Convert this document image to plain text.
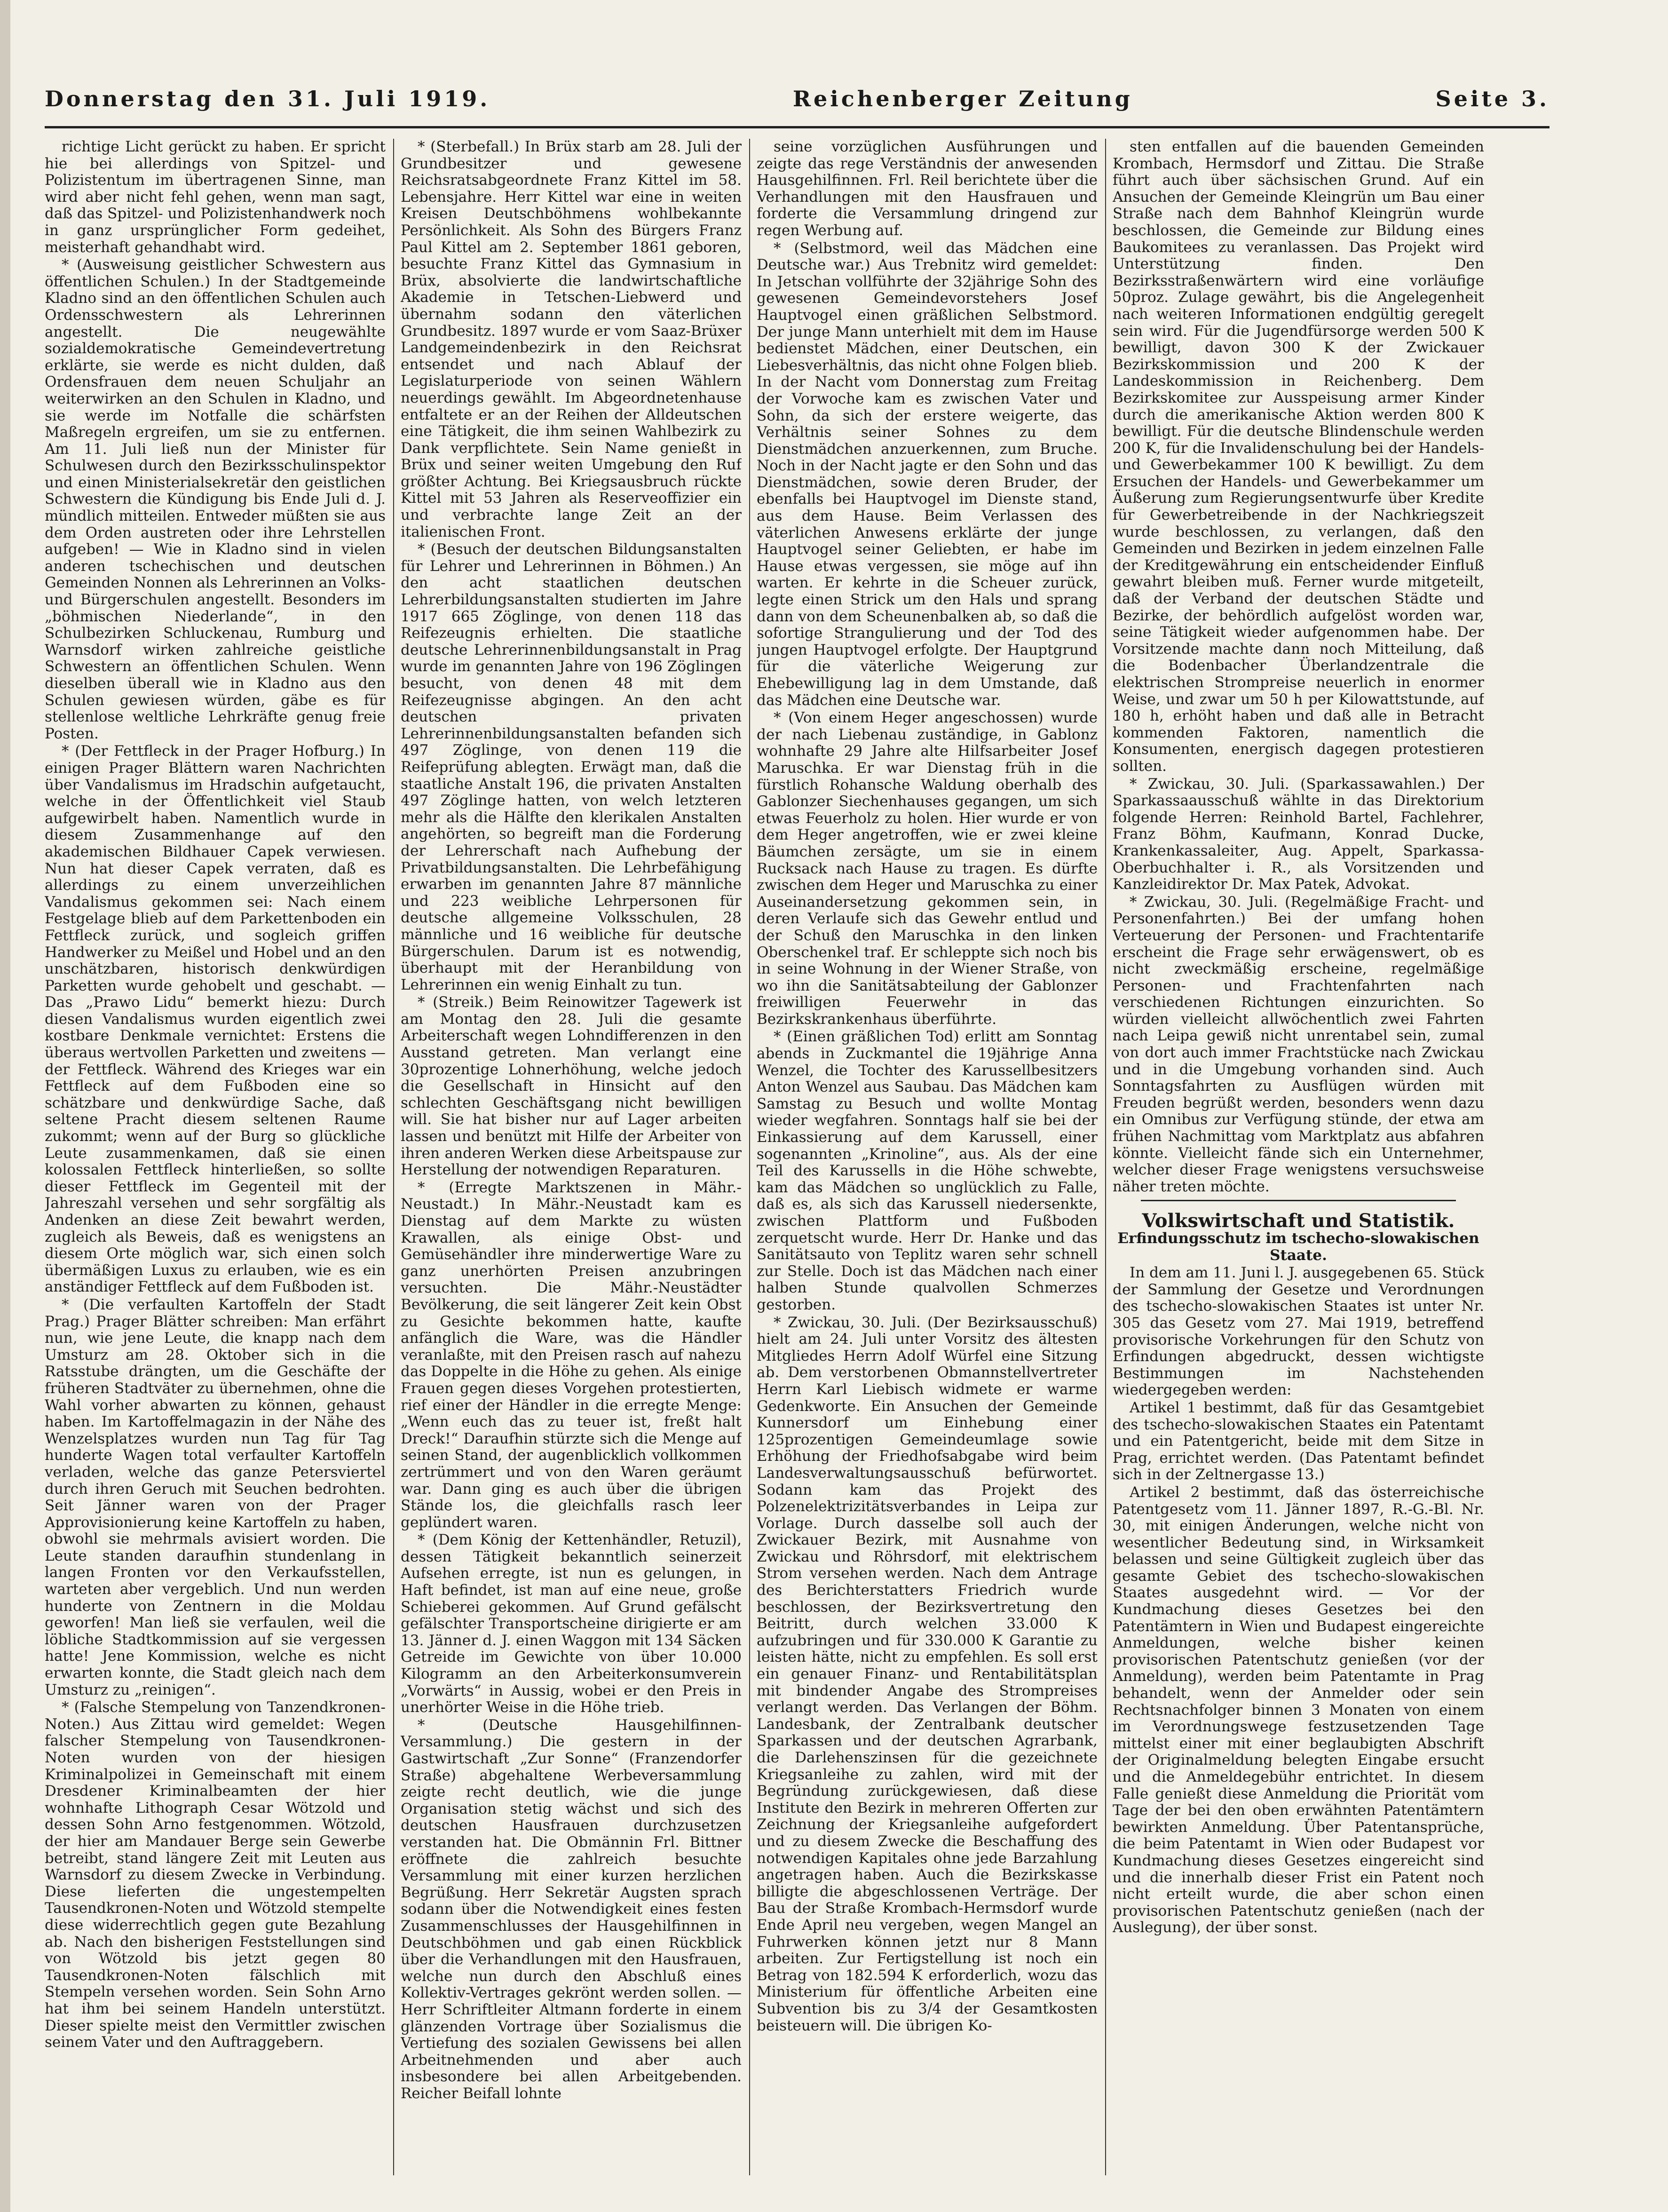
Donnerstag den 31. Juli 1919.	Reichenberger Zeitung	Seite 3.

richtige Licht gerückt zu haben. Er spricht hie bei allerdings von Spitzel- und Polizistentum im übertragenen Sinne, man wird aber nicht fehl gehen, wenn man sagt, daß das Spitzel- und Polizistenhandwerk noch in ganz ursprünglicher Form gedeihet, meisterhaft gehandhabt wird.

* (Ausweisung geistlicher Schwestern aus öffentlichen Schulen.) In der Stadtgemeinde Kladno sind an den öffentlichen Schulen auch Ordensschwestern als Lehrerinnen angestellt. Die neugewählte sozialdemokratische Gemeindevertretung erklärte, sie werde es nicht dulden, daß Ordensfrauen dem neuen Schuljahr an weiterwirken an den Schulen in Kladno, und sie werde im Notfalle die schärfsten Maßregeln ergreifen, um sie zu entfernen. Am 11. Juli ließ nun der Minister für Schulwesen durch den Bezirksschulinspektor und einen Ministerialsekretär den geistlichen Schwestern die Kündigung bis Ende Juli d. J. mündlich mitteilen. Entweder müßten sie aus dem Orden austreten oder ihre Lehrstellen aufgeben! — Wie in Kladno sind in vielen anderen tschechischen und deutschen Gemeinden Nonnen als Lehrerinnen an Volks- und Bürgerschulen angestellt. Besonders im „böhmischen Niederlande“, in den Schulbezirken Schluckenau, Rumburg und Warnsdorf wirken zahlreiche geistliche Schwestern an öffentlichen Schulen. Wenn dieselben überall wie in Kladno aus den Schulen gewiesen würden, gäbe es für stellenlose weltliche Lehrkräfte genug freie Posten.

* (Der Fettfleck in der Prager Hofburg.) In einigen Prager Blättern waren Nachrichten über Vandalismus im Hradschin aufgetaucht, welche in der Öffentlichkeit viel Staub aufgewirbelt haben. Namentlich wurde in diesem Zusammenhange auf den akademischen Bildhauer Capek verwiesen. Nun hat dieser Capek verraten, daß es allerdings zu einem unverzeihlichen Vandalismus gekommen sei: Nach einem Festgelage blieb auf dem Parkettenboden ein Fettfleck zurück, und sogleich griffen Handwerker zu Meißel und Hobel und an den unschätzbaren, historisch denkwürdigen Parketten wurde gehobelt und geschabt. — Das „Prawo Lidu“ bemerkt hiezu: Durch diesen Vandalismus wurden eigentlich zwei kostbare Denkmale vernichtet: Erstens die überaus wertvollen Parketten und zweitens — der Fettfleck. Während des Krieges war ein Fettfleck auf dem Fußboden eine so schätzbare und denkwürdige Sache, daß seltene Pracht diesem seltenen Raume zukommt; wenn auf der Burg so glückliche Leute zusammenkamen, daß sie einen kolossalen Fettfleck hinterließen, so sollte dieser Fettfleck im Gegenteil mit der Jahreszahl versehen und sehr sorgfältig als Andenken an diese Zeit bewahrt werden, zugleich als Beweis, daß es wenigstens an diesem Orte möglich war, sich einen solch übermäßigen Luxus zu erlauben, wie es ein anständiger Fettfleck auf dem Fußboden ist.

* (Die verfaulten Kartoffeln der Stadt Prag.) Prager Blätter schreiben: Man erfährt nun, wie jene Leute, die knapp nach dem Umsturz am 28. Oktober sich in die Ratsstube drängten, um die Geschäfte der früheren Stadtväter zu übernehmen, ohne die Wahl vorher abwarten zu können, gehaust haben. Im Kartoffelmagazin in der Nähe des Wenzelsplatzes wurden nun Tag für Tag hunderte Wagen total verfaulter Kartoffeln verladen, welche das ganze Petersviertel durch ihren Geruch mit Seuchen bedrohten. Seit Jänner waren von der Prager Approvisionierung keine Kartoffeln zu haben, obwohl sie mehrmals avisiert worden. Die Leute standen daraufhin stundenlang in langen Fronten vor den Verkaufsstellen, warteten aber vergeblich. Und nun werden hunderte von Zentnern in die Moldau geworfen! Man ließ sie verfaulen, weil die löbliche Stadtkommission auf sie vergessen hatte! Jene Kommission, welche es nicht erwarten konnte, die Stadt gleich nach dem Umsturz zu „reinigen“.

* (Falsche Stempelung von Tanzendkronen-Noten.) Aus Zittau wird gemeldet: Wegen falscher Stempelung von Tausendkronen-Noten wurden von der hiesigen Kriminalpolizei in Gemeinschaft mit einem Dresdener Kriminalbeamten der hier wohnhafte Lithograph Cesar Wötzold und dessen Sohn Arno festgenommen. Wötzold, der hier am Mandauer Berge sein Gewerbe betreibt, stand längere Zeit mit Leuten aus Warnsdorf zu diesem Zwecke in Verbindung. Diese lieferten die ungestempelten Tausendkronen-Noten und Wötzold stempelte diese widerrechtlich gegen gute Bezahlung ab. Nach den bisherigen Feststellungen sind von Wötzold bis jetzt gegen 80 Tausendkronen-Noten fälschlich mit Stempeln versehen worden. Sein Sohn Arno hat ihm bei seinem Handeln unterstützt. Dieser spielte meist den Vermittler zwischen seinem Vater und den Auftraggebern.

* (Sterbefall.) In Brüx starb am 28. Juli der Grundbesitzer und gewesene Reichsratsabgeordnete Franz Kittel im 58. Lebensjahre. Herr Kittel war eine in weiten Kreisen Deutschböhmens wohlbekannte Persönlichkeit. Als Sohn des Bürgers Franz Paul Kittel am 2. September 1861 geboren, besuchte Franz Kittel das Gymnasium in Brüx, absolvierte die landwirtschaftliche Akademie in Tetschen-Liebwerd und übernahm sodann den väterlichen Grundbesitz. 1897 wurde er vom Saaz-Brüxer Landgemeindenbezirk in den Reichsrat entsendet und nach Ablauf der Legislaturperiode von seinen Wählern neuerdings gewählt. Im Abgeordnetenhause entfaltete er an der Reihen der Alldeutschen eine Tätigkeit, die ihm seinen Wahlbezirk zu Dank verpflichtete. Sein Name genießt in Brüx und seiner weiten Umgebung den Ruf größter Achtung. Bei Kriegsausbruch rückte Kittel mit 53 Jahren als Reserveoffizier ein und verbrachte lange Zeit an der italienischen Front.

* (Besuch der deutschen Bildungsanstalten für Lehrer und Lehrerinnen in Böhmen.) An den acht staatlichen deutschen Lehrerbildungsanstalten studierten im Jahre 1917 665 Zöglinge, von denen 118 das Reifezeugnis erhielten. Die staatliche deutsche Lehrerinnenbildungsanstalt in Prag wurde im genannten Jahre von 196 Zöglingen besucht, von denen 48 mit dem Reifezeugnisse abgingen. An den acht deutschen privaten Lehrerinnenbildungsanstalten befanden sich 497 Zöglinge, von denen 119 die Reifeprüfung ablegten. Erwägt man, daß die staatliche Anstalt 196, die privaten Anstalten 497 Zöglinge hatten, von welch letzteren mehr als die Hälfte den klerikalen Anstalten angehörten, so begreift man die Forderung der Lehrerschaft nach Aufhebung der Privatbildungsanstalten. Die Lehrbefähigung erwarben im genannten Jahre 87 männliche und 223 weibliche Lehrpersonen für deutsche allgemeine Volksschulen, 28 männliche und 16 weibliche für deutsche Bürgerschulen. Darum ist es notwendig, überhaupt mit der Heranbildung von Lehrerinnen ein wenig Einhalt zu tun.

* (Streik.) Beim Reinowitzer Tagewerk ist am Montag den 28. Juli die gesamte Arbeiterschaft wegen Lohndifferenzen in den Ausstand getreten. Man verlangt eine 30prozentige Lohnerhöhung, welche jedoch die Gesellschaft in Hinsicht auf den schlechten Geschäftsgang nicht bewilligen will. Sie hat bisher nur auf Lager arbeiten lassen und benützt mit Hilfe der Arbeiter von ihren anderen Werken diese Arbeitspause zur Herstellung der notwendigen Reparaturen.

* (Erregte Marktszenen in Mähr.-Neustadt.) In Mähr.-Neustadt kam es Dienstag auf dem Markte zu wüsten Krawallen, als einige Obst- und Gemüsehändler ihre minderwertige Ware zu ganz unerhörten Preisen anzubringen versuchten. Die Mähr.-Neustädter Bevölkerung, die seit längerer Zeit kein Obst zu Gesichte bekommen hatte, kaufte anfänglich die Ware, was die Händler veranlaßte, mit den Preisen rasch auf nahezu das Doppelte in die Höhe zu gehen. Als einige Frauen gegen dieses Vorgehen protestierten, rief einer der Händler in die erregte Menge: „Wenn euch das zu teuer ist, freßt halt Dreck!“ Daraufhin stürzte sich die Menge auf seinen Stand, der augenblicklich vollkommen zertrümmert und von den Waren geräumt war. Dann ging es auch über die übrigen Stände los, die gleichfalls rasch leer geplündert waren.

* (Dem König der Kettenhändler, Retuzil), dessen Tätigkeit bekanntlich seinerzeit Aufsehen erregte, ist nun es gelungen, in Haft befindet, ist man auf eine neue, große Schieberei gekommen. Auf Grund gefälscht gefälschter Transportscheine dirigierte er am 13. Jänner d. J. einen Waggon mit 134 Säcken Getreide im Gewichte von über 10.000 Kilogramm an den Arbeiterkonsumverein „Vorwärts“ in Aussig, wobei er den Preis in unerhörter Weise in die Höhe trieb.

* (Deutsche Hausgehilfinnen-Versammlung.) Die gestern in der Gastwirtschaft „Zur Sonne“ (Franzendorfer Straße) abgehaltene Werbeversammlung zeigte recht deutlich, wie die junge Organisation stetig wächst und sich des deutschen Hausfrauen durchzusetzen verstanden hat. Die Obmännin Frl. Bittner eröffnete die zahlreich besuchte Versammlung mit einer kurzen herzlichen Begrüßung. Herr Sekretär Augsten sprach sodann über die Notwendigkeit eines festen Zusammenschlusses der Hausgehilfinnen in Deutschböhmen und gab einen Rückblick über die Verhandlungen mit den Hausfrauen, welche nun durch den Abschluß eines Kollektiv-Vertrages gekrönt werden sollen. — Herr Schriftleiter Altmann forderte in einem glänzenden Vortrage über Sozialismus die Vertiefung des sozialen Gewissens bei allen Arbeitnehmenden und aber auch insbesondere bei allen Arbeitgebenden. Reicher Beifall lohnte

seine vorzüglichen Ausführungen und zeigte das rege Verständnis der anwesenden Hausgehilfinnen. Frl. Reil berichtete über die Verhandlungen mit den Hausfrauen und forderte die Versammlung dringend zur regen Werbung auf.

* (Selbstmord, weil das Mädchen eine Deutsche war.) Aus Trebnitz wird gemeldet: In Jetschan vollführte der 32jährige Sohn des gewesenen Gemeindevorstehers Josef Hauptvogel einen gräßlichen Selbstmord. Der junge Mann unterhielt mit dem im Hause bedienstet Mädchen, einer Deutschen, ein Liebesverhältnis, das nicht ohne Folgen blieb. In der Nacht vom Donnerstag zum Freitag der Vorwoche kam es zwischen Vater und Sohn, da sich der erstere weigerte, das Verhältnis seiner Sohnes zu dem Dienstmädchen anzuerkennen, zum Bruche. Noch in der Nacht jagte er den Sohn und das Dienstmädchen, sowie deren Bruder, der ebenfalls bei Hauptvogel im Dienste stand, aus dem Hause. Beim Verlassen des väterlichen Anwesens erklärte der junge Hauptvogel seiner Geliebten, er habe im Hause etwas vergessen, sie möge auf ihn warten. Er kehrte in die Scheuer zurück, legte einen Strick um den Hals und sprang dann von dem Scheunenbalken ab, so daß die sofortige Strangulierung und der Tod des jungen Hauptvogel erfolgte. Der Hauptgrund für die väterliche Weigerung zur Ehebewilligung lag in dem Umstande, daß das Mädchen eine Deutsche war.

* (Von einem Heger angeschossen) wurde der nach Liebenau zuständige, in Gablonz wohnhafte 29 Jahre alte Hilfsarbeiter Josef Maruschka. Er war Dienstag früh in die fürstlich Rohansche Waldung oberhalb des Gablonzer Siechenhauses gegangen, um sich etwas Feuerholz zu holen. Hier wurde er von dem Heger angetroffen, wie er zwei kleine Bäumchen zersägte, um sie in einem Rucksack nach Hause zu tragen. Es dürfte zwischen dem Heger und Maruschka zu einer Auseinandersetzung gekommen sein, in deren Verlaufe sich das Gewehr entlud und der Schuß den Maruschka in den linken Oberschenkel traf. Er schleppte sich noch bis in seine Wohnung in der Wiener Straße, von wo ihn die Sanitätsabteilung der Gablonzer freiwilligen Feuerwehr in das Bezirkskrankenhaus überführte.

* (Einen gräßlichen Tod) erlitt am Sonntag abends in Zuckmantel die 19jährige Anna Wenzel, die Tochter des Karussellbesitzers Anton Wenzel aus Saubau. Das Mädchen kam Samstag zu Besuch und wollte Montag wieder wegfahren. Sonntags half sie bei der Einkassierung auf dem Karussell, einer sogenannten „Krinoline“, aus. Als der eine Teil des Karussells in die Höhe schwebte, kam das Mädchen so unglücklich zu Falle, daß es, als sich das Karussell niedersenkte, zwischen Plattform und Fußboden zerquetscht wurde. Herr Dr. Hanke und das Sanitätsauto von Teplitz waren sehr schnell zur Stelle. Doch ist das Mädchen nach einer halben Stunde qualvollen Schmerzes gestorben.

* Zwickau, 30. Juli. (Der Bezirksausschuß) hielt am 24. Juli unter Vorsitz des ältesten Mitgliedes Herrn Adolf Würfel eine Sitzung ab. Dem verstorbenen Obmannstellvertreter Herrn Karl Liebisch widmete er warme Gedenkworte. Ein Ansuchen der Gemeinde Kunnersdorf um Einhebung einer 125prozentigen Gemeindeumlage sowie Erhöhung der Friedhofsabgabe wird beim Landesverwaltungsausschuß befürwortet. Sodann kam das Projekt des Polzenelektrizitätsverbandes in Leipa zur Vorlage. Durch dasselbe soll auch der Zwickauer Bezirk, mit Ausnahme von Zwickau und Röhrsdorf, mit elektrischem Strom versehen werden. Nach dem Antrage des Berichterstatters Friedrich wurde beschlossen, der Bezirksvertretung den Beitritt, durch welchen 33.000 K aufzubringen und für 330.000 K Garantie zu leisten hätte, nicht zu empfehlen. Es soll erst ein genauer Finanz- und Rentabilitätsplan mit bindender Angabe des Strompreises verlangt werden. Das Verlangen der Böhm. Landesbank, der Zentralbank deutscher Sparkassen und der deutschen Agrarbank, die Darlehenszinsen für die gezeichnete Kriegsanleihe zu zahlen, wird mit der Begründung zurückgewiesen, daß diese Institute den Bezirk in mehreren Offerten zur Zeichnung der Kriegsanleihe aufgefordert und zu diesem Zwecke die Beschaffung des notwendigen Kapitales ohne jede Barzahlung angetragen haben. Auch die Bezirkskasse billigte die abgeschlossenen Verträge. Der Bau der Straße Krombach-Hermsdorf wurde Ende April neu vergeben, wegen Mangel an Fuhrwerken können jetzt nur 8 Mann arbeiten. Zur Fertigstellung ist noch ein Betrag von 182.594 K erforderlich, wozu das Ministerium für öffentliche Arbeiten eine Subvention bis zu 3/4 der Gesamtkosten beisteuern will. Die übrigen Ko-

sten entfallen auf die bauenden Gemeinden Krombach, Hermsdorf und Zittau. Die Straße führt auch über sächsischen Grund. Auf ein Ansuchen der Gemeinde Kleingrün um Bau einer Straße nach dem Bahnhof Kleingrün wurde beschlossen, die Gemeinde zur Bildung eines Baukomitees zu veranlassen. Das Projekt wird Unterstützung finden. Den Bezirksstraßenwärtern wird eine vorläufige 50proz. Zulage gewährt, bis die Angelegenheit nach weiteren Informationen endgültig geregelt sein wird. Für die Jugendfürsorge werden 500 K bewilligt, davon 300 K der Zwickauer Bezirkskommission und 200 K der Landeskommission in Reichenberg. Dem Bezirkskomitee zur Ausspeisung armer Kinder durch die amerikanische Aktion werden 800 K bewilligt. Für die deutsche Blindenschule werden 200 K, für die Invalidenschulung bei der Handels- und Gewerbekammer 100 K bewilligt. Zu dem Ersuchen der Handels- und Gewerbekammer um Äußerung zum Regierungsentwurfe über Kredite für Gewerbetreibende in der Nachkriegszeit wurde beschlossen, zu verlangen, daß den Gemeinden und Bezirken in jedem einzelnen Falle der Kreditgewährung ein entscheidender Einfluß gewahrt bleiben muß. Ferner wurde mitgeteilt, daß der Verband der deutschen Städte und Bezirke, der behördlich aufgelöst worden war, seine Tätigkeit wieder aufgenommen habe. Der Vorsitzende machte dann noch Mitteilung, daß die Bodenbacher Überlandzentrale die elektrischen Strompreise neuerlich in enormer Weise, und zwar um 50 h per Kilowattstunde, auf 180 h, erhöht haben und daß alle in Betracht kommenden Faktoren, namentlich die Konsumenten, energisch dagegen protestieren sollten.

* Zwickau, 30. Juli. (Sparkassawahlen.) Der Sparkassaausschuß wählte in das Direktorium folgende Herren: Reinhold Bartel, Fachlehrer, Franz Böhm, Kaufmann, Konrad Ducke, Krankenkassaleiter, Aug. Appelt, Sparkassa-Oberbuchhalter i. R., als Vorsitzenden und Kanzleidirektor Dr. Max Patek, Advokat.

* Zwickau, 30. Juli. (Regelmäßige Fracht- und Personenfahrten.) Bei der umfang hohen Verteuerung der Personen- und Frachtentarife erscheint die Frage sehr erwägenswert, ob es nicht zweckmäßig erscheine, regelmäßige Personen- und Frachtenfahrten nach verschiedenen Richtungen einzurichten. So würden vielleicht allwöchentlich zwei Fahrten nach Leipa gewiß nicht unrentabel sein, zumal von dort auch immer Frachtstücke nach Zwickau und in die Umgebung vorhanden sind. Auch Sonntagsfahrten zu Ausflügen würden mit Freuden begrüßt werden, besonders wenn dazu ein Omnibus zur Verfügung stünde, der etwa am frühen Nachmittag vom Marktplatz aus abfahren könnte. Vielleicht fände sich ein Unternehmer, welcher dieser Frage wenigstens versuchsweise näher treten möchte.

Volkswirtschaft und Statistik.

Erfindungsschutz im tschecho-slowakischen Staate.

In dem am 11. Juni l. J. ausgegebenen 65. Stück der Sammlung der Gesetze und Verordnungen des tschecho-slowakischen Staates ist unter Nr. 305 das Gesetz vom 27. Mai 1919, betreffend provisorische Vorkehrungen für den Schutz von Erfindungen abgedruckt, dessen wichtigste Bestimmungen im Nachstehenden wiedergegeben werden:

Artikel 1 bestimmt, daß für das Gesamtgebiet des tschecho-slowakischen Staates ein Patentamt und ein Patentgericht, beide mit dem Sitze in Prag, errichtet werden. (Das Patentamt befindet sich in der Zeltnergasse 13.)

Artikel 2 bestimmt, daß das österreichische Patentgesetz vom 11. Jänner 1897, R.-G.-Bl. Nr. 30, mit einigen Änderungen, welche nicht von wesentlicher Bedeutung sind, in Wirksamkeit belassen und seine Gültigkeit zugleich über das gesamte Gebiet des tschecho-slowakischen Staates ausgedehnt wird. — Vor der Kundmachung dieses Gesetzes bei den Patentämtern in Wien und Budapest eingereichte Anmeldungen, welche bisher keinen provisorischen Patentschutz genießen (vor der Anmeldung), werden beim Patentamte in Prag behandelt, wenn der Anmelder oder sein Rechtsnachfolger binnen 3 Monaten von einem im Verordnungswege festzusetzenden Tage mittelst einer mit einer beglaubigten Abschrift der Originalmeldung belegten Eingabe ersucht und die Anmeldegebühr entrichtet. In diesem Falle genießt diese Anmeldung die Priorität vom Tage der bei den oben erwähnten Patentämtern bewirkten Anmeldung. Über Patentansprüche, die beim Patentamt in Wien oder Budapest vor Kundmachung dieses Gesetzes eingereicht sind und die innerhalb dieser Frist ein Patent noch nicht erteilt wurde, die aber schon einen provisorischen Patentschutz genießen (nach der Auslegung), der über sonst.
